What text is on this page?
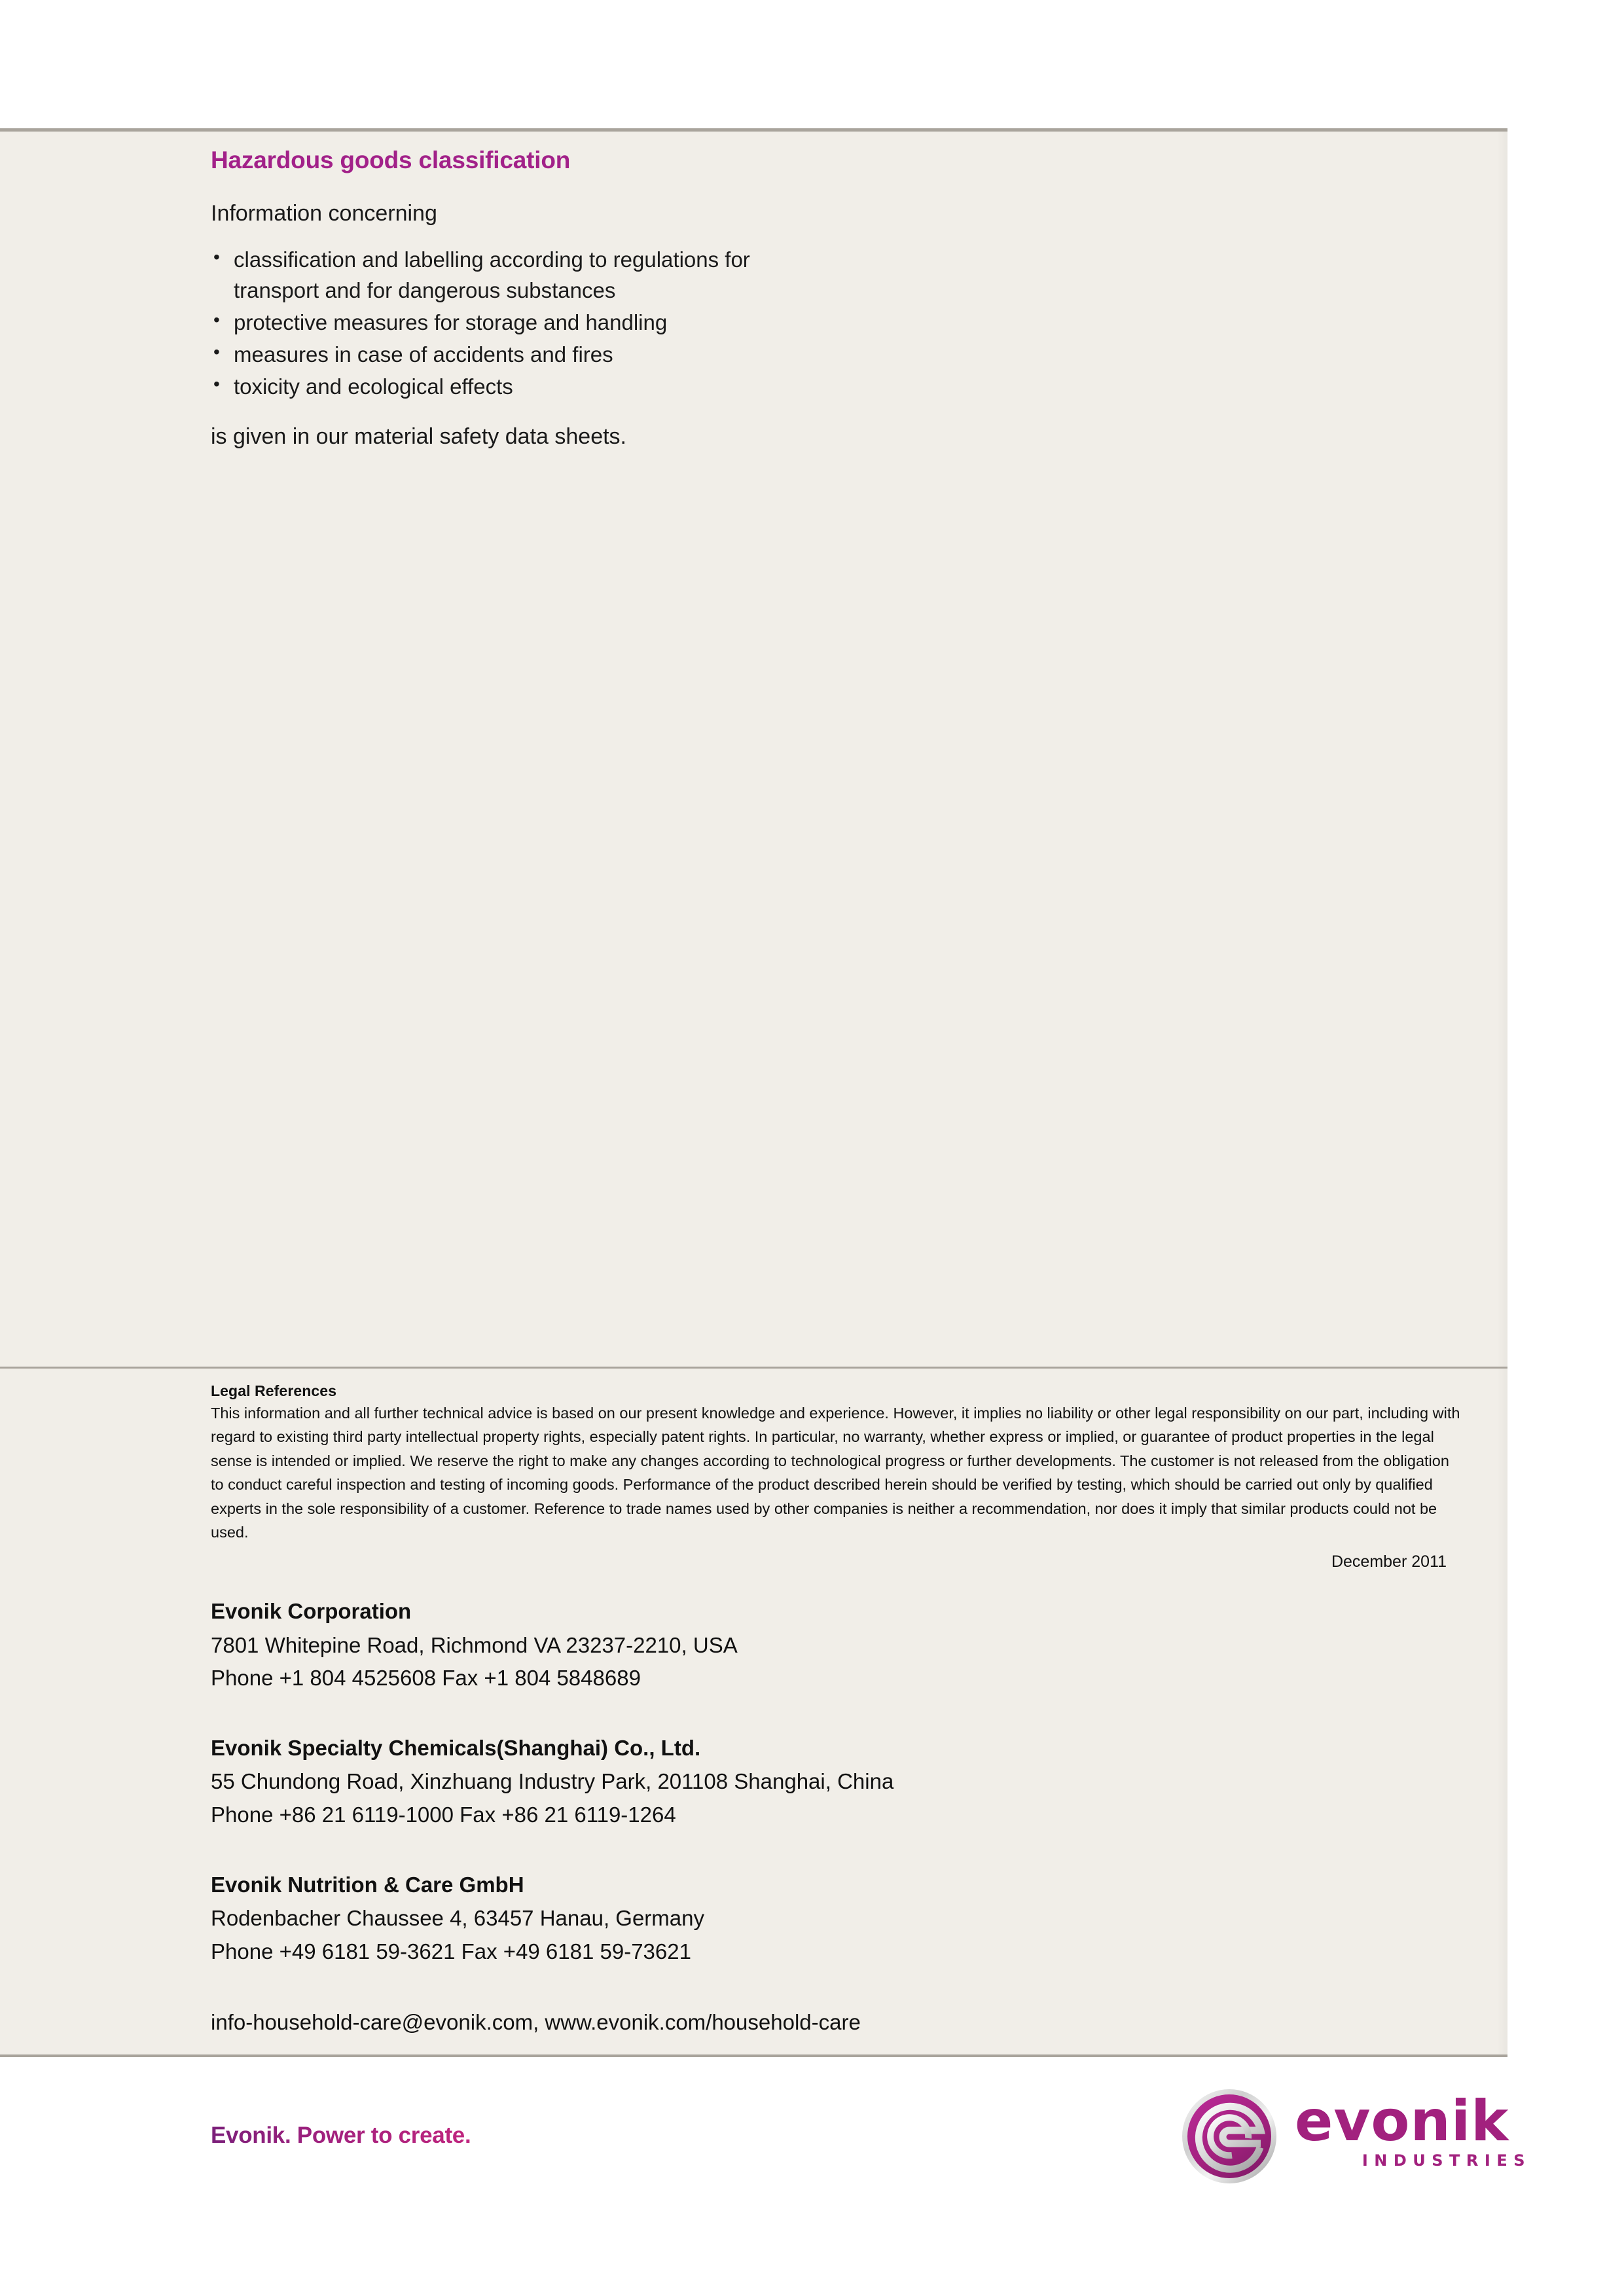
Hazardous goods classification

Information concerning

• classification and labelling according to regulations for transport and for dangerous substances
• protective measures for storage and handling
• measures in case of accidents and fires
• toxicity and ecological effects

is given in our material safety data sheets.

Legal References

This information and all further technical advice is based on our present knowledge and experience. However, it implies no liability or other legal responsibility on our part, including with regard to existing third party intellectual property rights, especially patent rights. In particular, no warranty, whether express or implied, or guarantee of product properties in the legal sense is intended or implied. We reserve the right to make any changes according to technological progress or further developments. The customer is not released from the obligation to conduct careful inspection and testing of incoming goods. Performance of the product described herein should be verified by testing, which should be carried out only by qualified experts in the sole responsibility of a customer. Reference to trade names used by other companies is neither a recommendation, nor does it imply that similar products could not be used.

December 2011
Evonik Corporation
7801 Whitepine Road, Richmond VA 23237-2210, USA
Phone +1 804 4525608 Fax +1 804 5848689
Evonik Specialty Chemicals(Shanghai) Co., Ltd.
55 Chundong Road, Xinzhuang Industry Park, 201108 Shanghai, China
Phone +86 21 6119-1000 Fax +86 21 6119-1264
Evonik Nutrition & Care GmbH
Rodenbacher Chaussee 4, 63457 Hanau, Germany
Phone +49 6181 59-3621 Fax +49 6181 59-73621
info-household-care@evonik.com, www.evonik.com/household-care
Evonik. Power to create.	evonik
INDUSTRIES
